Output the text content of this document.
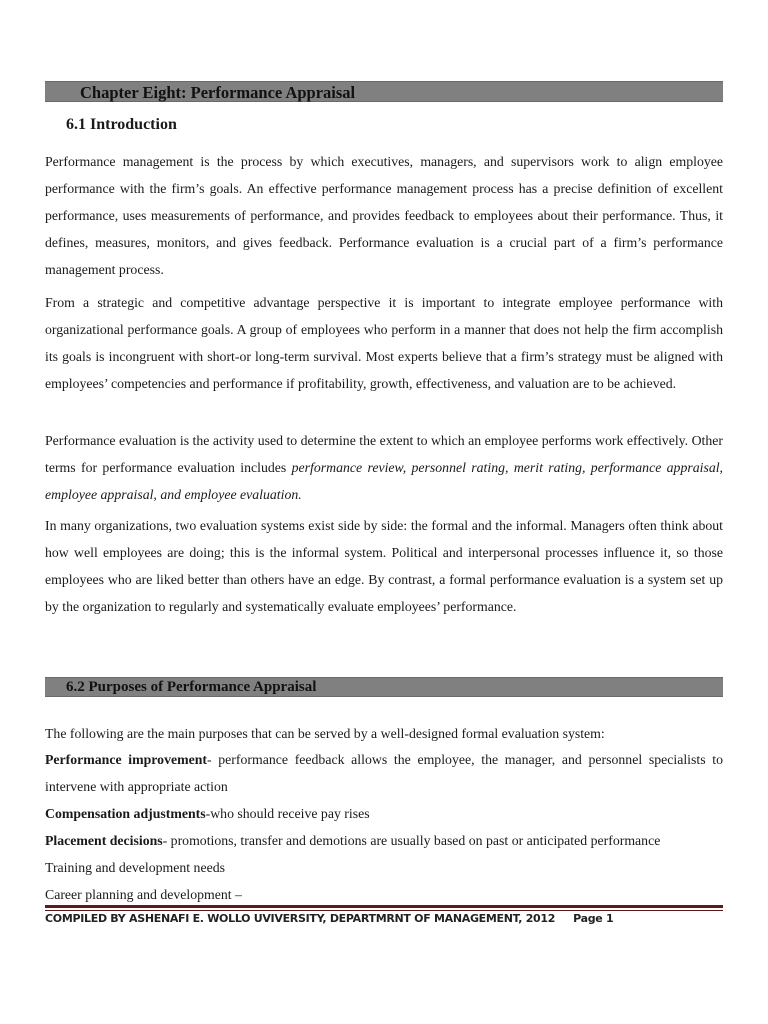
Chapter Eight: Performance Appraisal
6.1 Introduction

Performance management is the process by which executives, managers, and supervisors work to align employee performance with the firm’s goals. An effective performance management process has a precise definition of excellent performance, uses measurements of performance, and provides feedback to employees about their performance. Thus, it defines, measures, monitors, and gives feedback. Performance evaluation is a crucial part of a firm’s performance management process.

From a strategic and competitive advantage perspective it is important to integrate employee performance with organizational performance goals. A group of employees who perform in a manner that does not help the firm accomplish its goals is incongruent with short-or long-term survival. Most experts believe that a firm’s strategy must be aligned with employees’ competencies and performance if profitability, growth, effectiveness, and valuation are to be achieved.

Performance evaluation is the activity used to determine the extent to which an employee performs work effectively. Other terms for performance evaluation includes performance review, personnel rating, merit rating, performance appraisal, employee appraisal, and employee evaluation.

In many organizations, two evaluation systems exist side by side: the formal and the informal. Managers often think about how well employees are doing; this is the informal system. Political and interpersonal processes influence it, so those employees who are liked better than others have an edge. By contrast, a formal performance evaluation is a system set up by the organization to regularly and systematically evaluate employees’ performance.

6.2 Purposes of Performance Appraisal

The following are the main purposes that can be served by a well-designed formal evaluation system:

Performance improvement- performance feedback allows the employee, the manager, and personnel specialists to intervene with appropriate action

Compensation adjustments-who should receive pay rises

Placement decisions- promotions, transfer and demotions are usually based on past or anticipated performance

Training and development needs

Career planning and development –

COMPILED BY ASHENAFI E. WOLLO UVIVERSITY, DEPARTMRNT OF MANAGEMENT, 2012 Page 1
